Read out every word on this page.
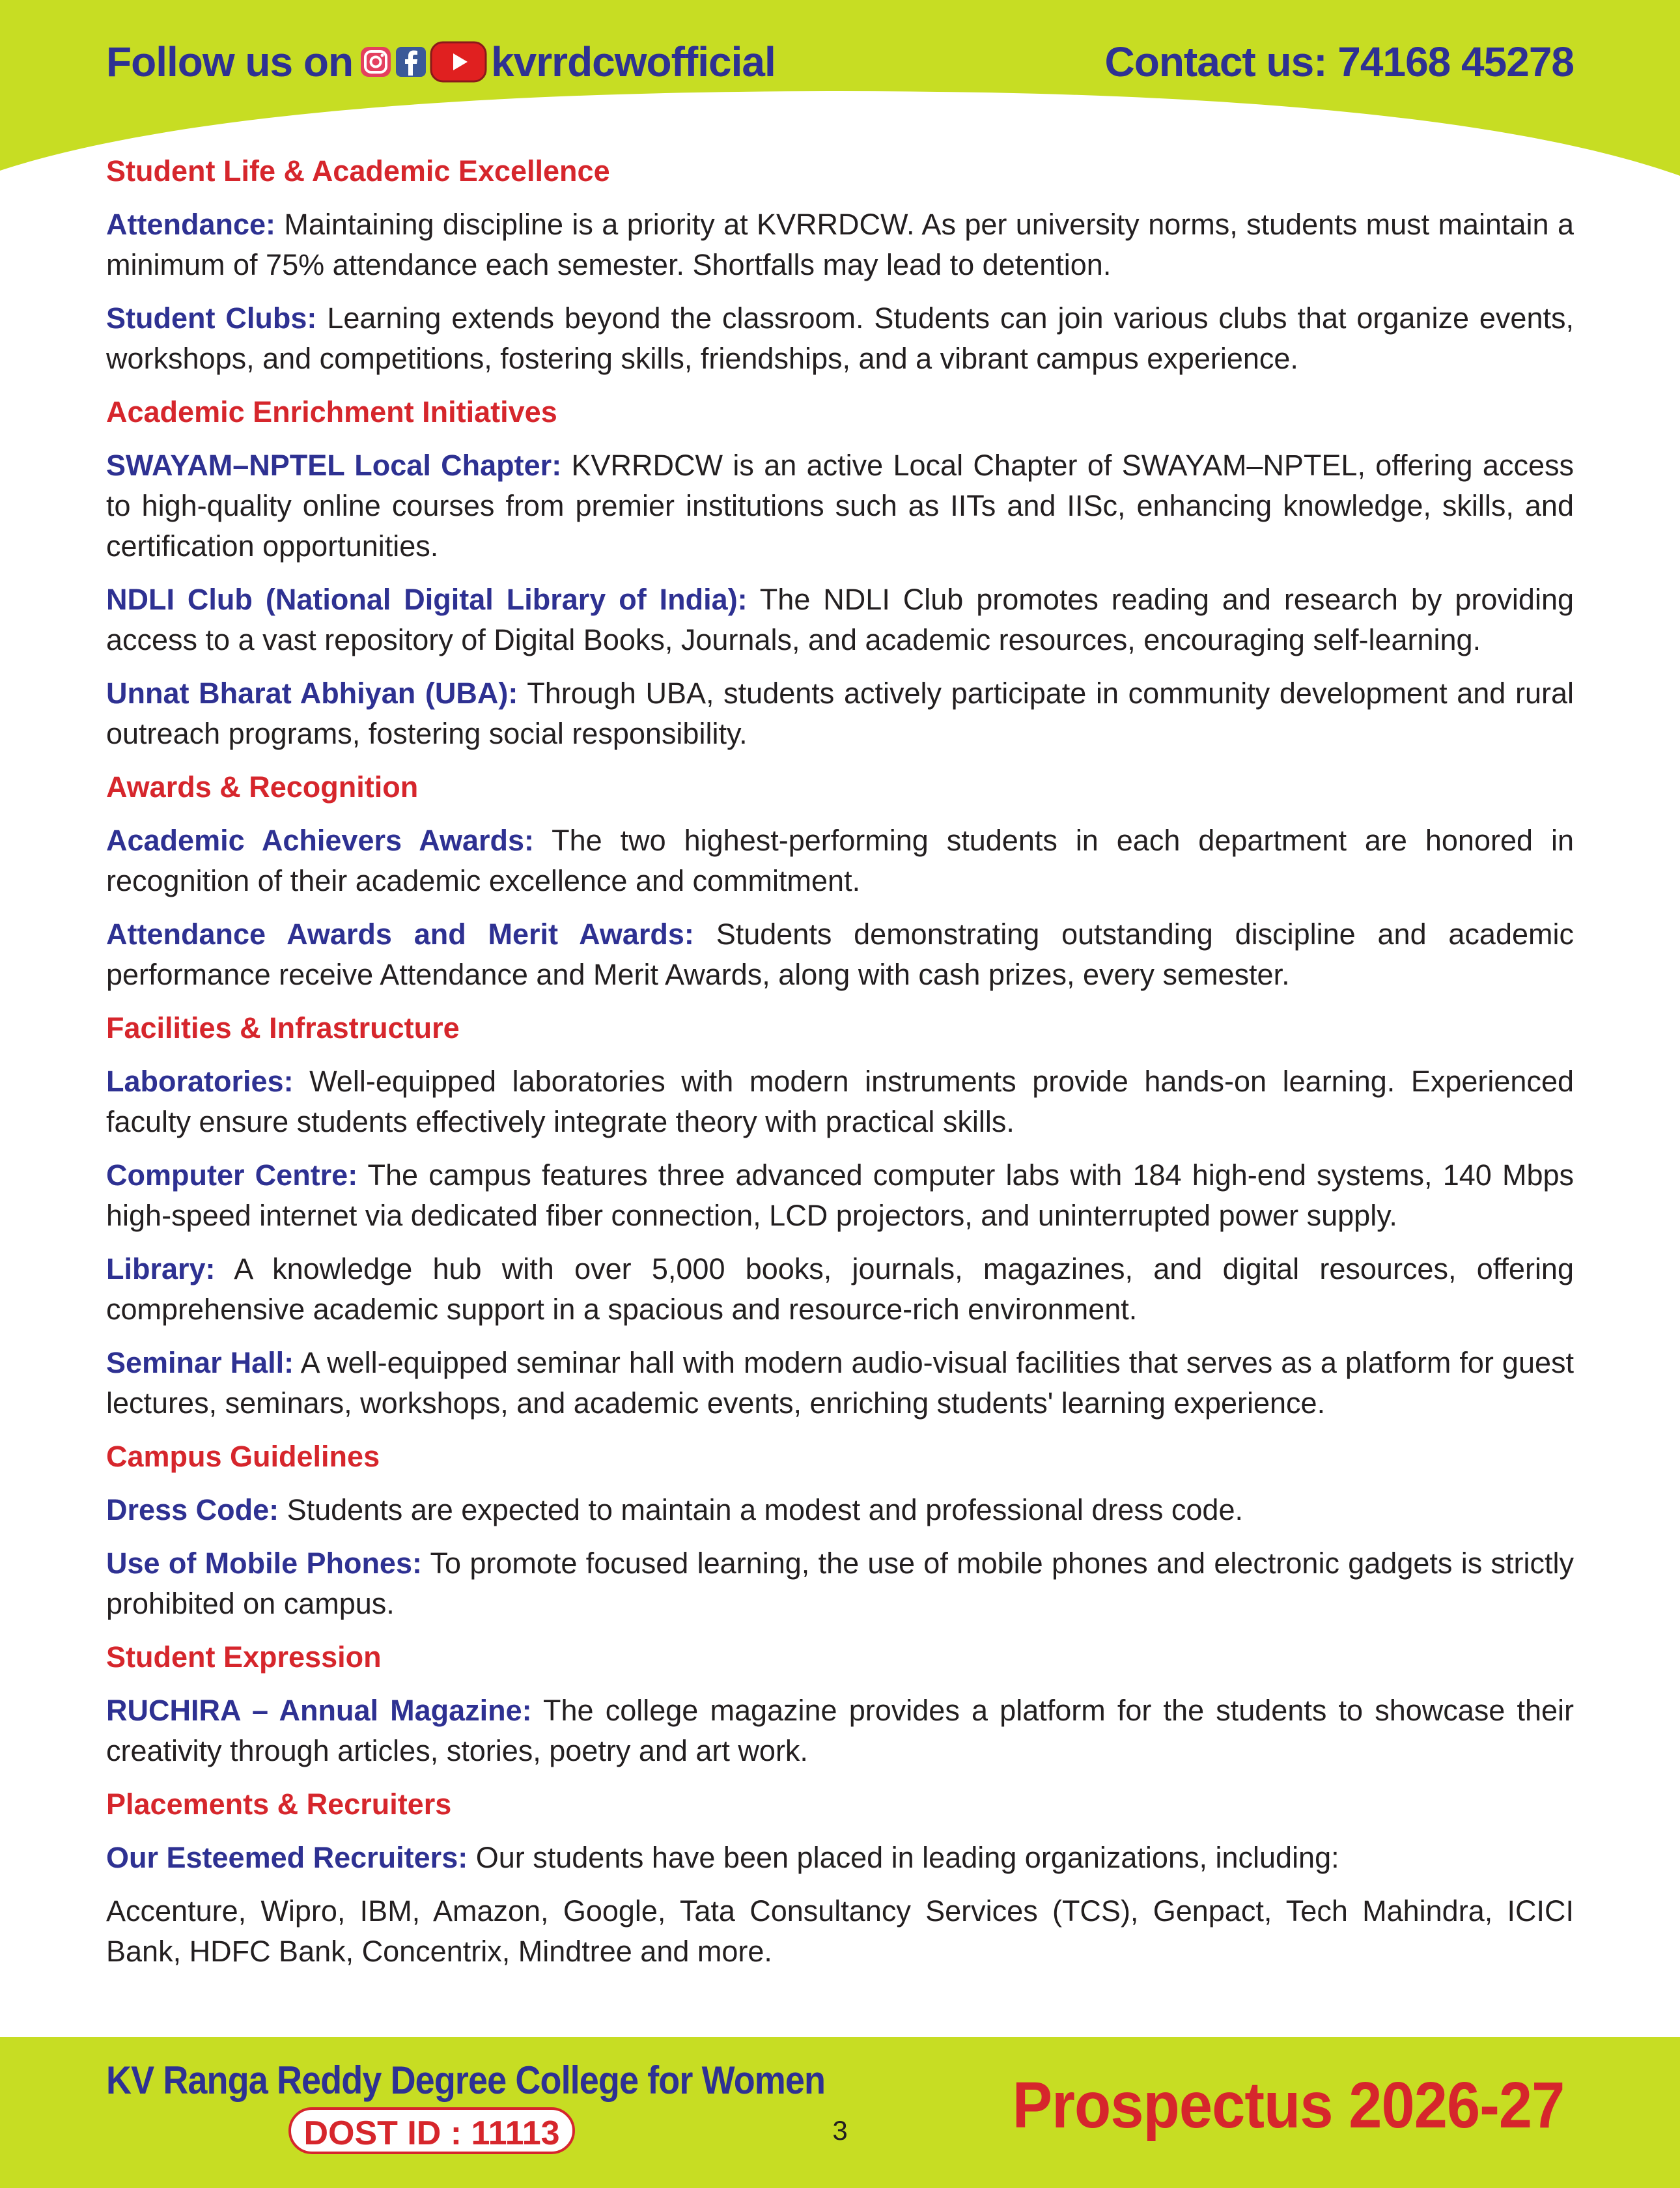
Follow us on	kvrrdcwofficial	Contact us: 74168 45278
Student Life & Academic Excellence
Attendance: Maintaining discipline is a priority at KVRRDCW. As per university norms, students must maintain a minimum of 75% attendance each semester. Shortfalls may lead to detention.
Student Clubs: Learning extends beyond the classroom. Students can join various clubs that organize events, workshops, and competitions, fostering skills, friendships, and a vibrant campus experience.
Academic Enrichment Initiatives
SWAYAM–NPTEL Local Chapter: KVRRDCW is an active Local Chapter of SWAYAM–NPTEL, offering access to high-quality online courses from premier institutions such as IITs and IISc, enhancing knowledge, skills, and certification opportunities.
NDLI Club (National Digital Library of India): The NDLI Club promotes reading and research by providing access to a vast repository of Digital Books, Journals, and academic resources, encouraging self-learning.
Unnat Bharat Abhiyan (UBA): Through UBA, students actively participate in community development and rural outreach programs, fostering social responsibility.
Awards & Recognition
Academic Achievers Awards: The two highest-performing students in each department are honored in recognition of their academic excellence and commitment.
Attendance Awards and Merit Awards: Students demonstrating outstanding discipline and academic performance receive Attendance and Merit Awards, along with cash prizes, every semester.
Facilities & Infrastructure
Laboratories: Well-equipped laboratories with modern instruments provide hands-on learning. Experienced faculty ensure students effectively integrate theory with practical skills.
Computer Centre: The campus features three advanced computer labs with 184 high-end systems, 140 Mbps high-speed internet via dedicated fiber connection, LCD projectors, and uninterrupted power supply.
Library: A knowledge hub with over 5,000 books, journals, magazines, and digital resources, offering comprehensive academic support in a spacious and resource-rich environment.
Seminar Hall: A well-equipped seminar hall with modern audio-visual facilities that serves as a platform for guest lectures, seminars, workshops, and academic events, enriching students' learning experience.
Campus Guidelines
Dress Code: Students are expected to maintain a modest and professional dress code.
Use of Mobile Phones: To promote focused learning, the use of mobile phones and electronic gadgets is strictly prohibited on campus.
Student Expression
RUCHIRA – Annual Magazine: The college magazine provides a platform for the students to showcase their creativity through articles, stories, poetry and art work.
Placements & Recruiters
Our Esteemed Recruiters: Our students have been placed in leading organizations, including:
Accenture, Wipro, IBM, Amazon, Google, Tata Consultancy Services (TCS), Genpact, Tech Mahindra, ICICI Bank, HDFC Bank, Concentrix, Mindtree and more.
KV Ranga Reddy Degree College for Women
DOST ID : 11113	3	Prospectus 2026-27
